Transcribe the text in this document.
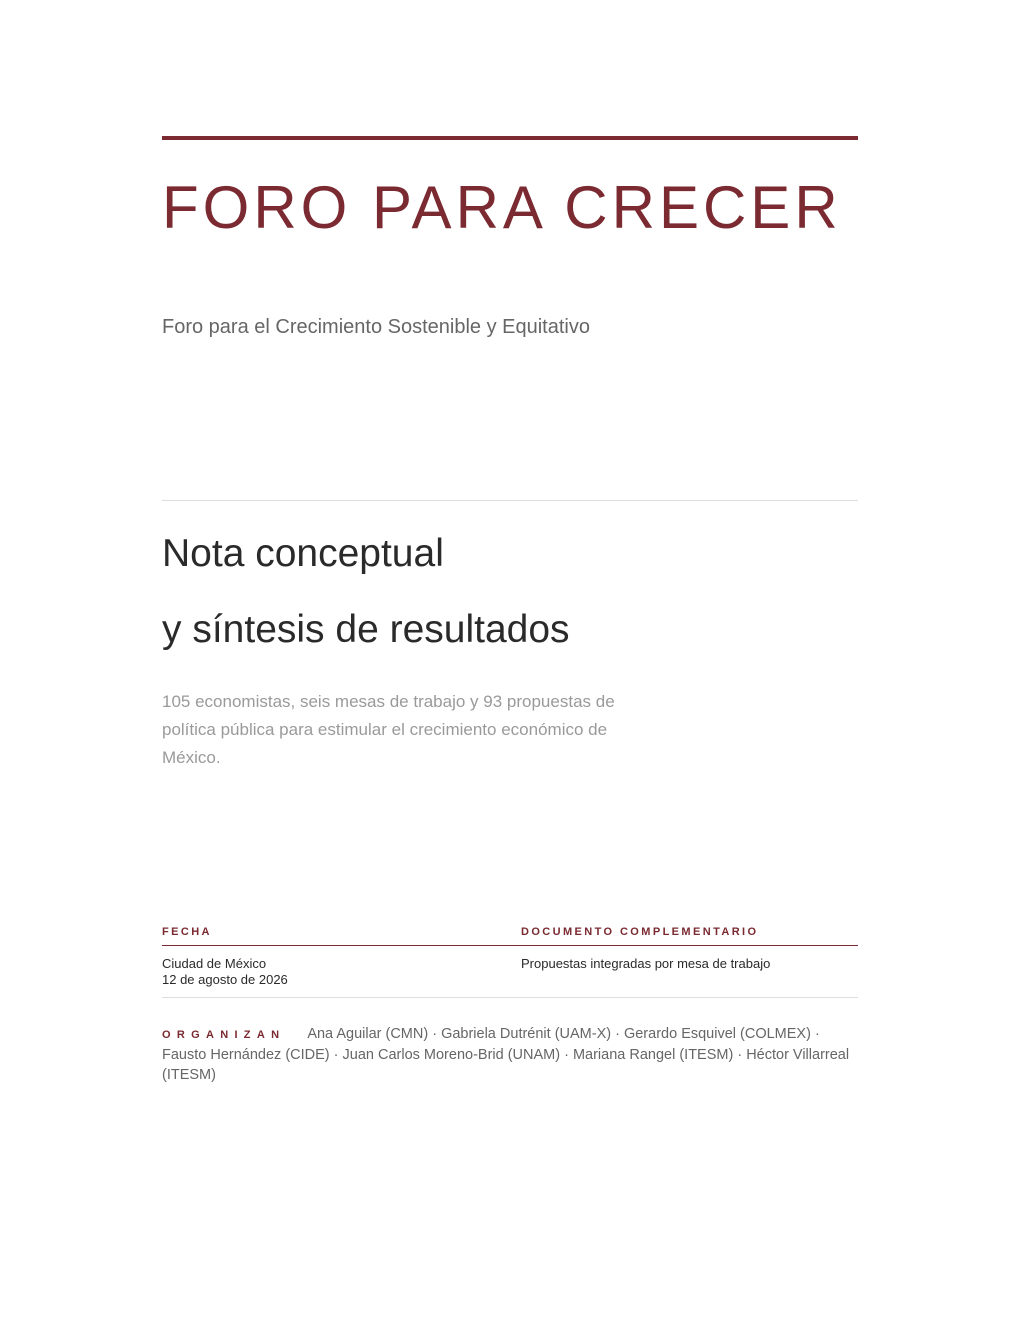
FORO PARA CRECER

Foro para el Crecimiento Sostenible y Equitativo

Nota conceptual
y síntesis de resultados

105 economistas, seis mesas de trabajo y 93 propuestas de política pública para estimular el crecimiento económico de México.

FECHA	DOCUMENTO COMPLEMENTARIO
Ciudad de México
12 de agosto de 2026
Propuestas integradas por mesa de trabajo

ORGANIZAN Ana Aguilar (CMN) · Gabriela Dutrénit (UAM-X) · Gerardo Esquivel (COLMEX) · Fausto Hernández (CIDE) · Juan Carlos Moreno-Brid (UNAM) · Mariana Rangel (ITESM) · Héctor Villarreal (ITESM)
